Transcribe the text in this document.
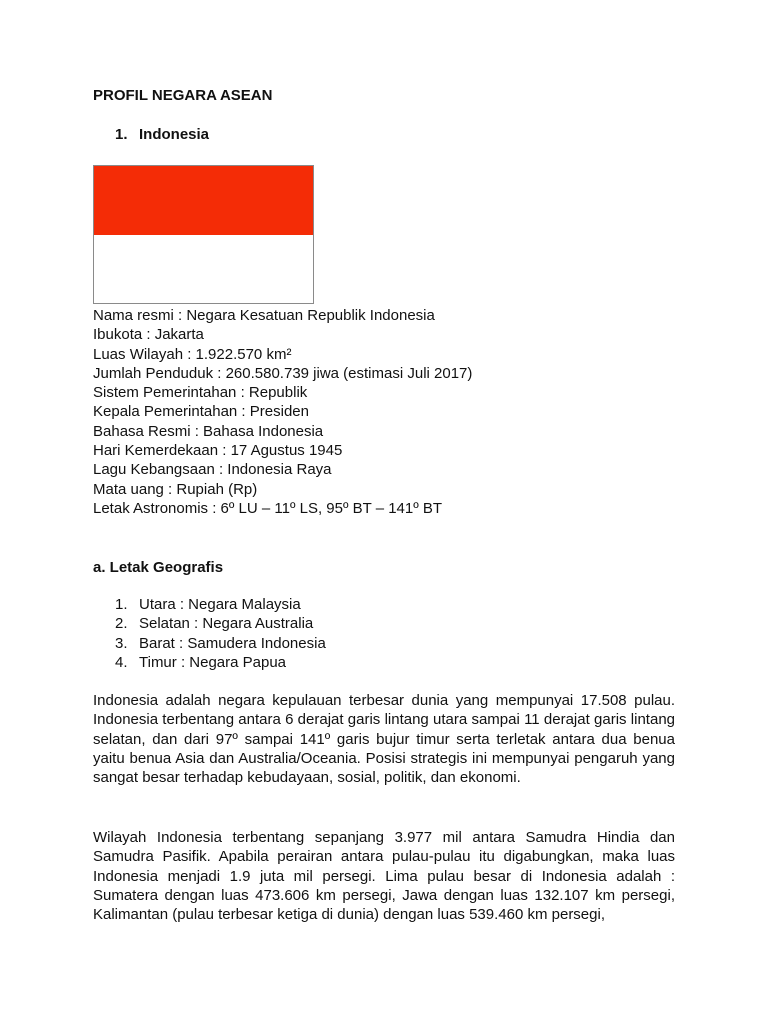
PROFIL NEGARA ASEAN
1. Indonesia
Nama resmi : Negara Kesatuan Republik Indonesia
Ibukota : Jakarta
Luas Wilayah : 1.922.570 km²
Jumlah Penduduk : 260.580.739 jiwa (estimasi Juli 2017)
Sistem Pemerintahan : Republik
Kepala Pemerintahan : Presiden
Bahasa Resmi : Bahasa Indonesia
Hari Kemerdekaan : 17 Agustus 1945
Lagu Kebangsaan : Indonesia Raya
Mata uang : Rupiah (Rp)
Letak Astronomis : 6º LU – 11º LS, 95º BT – 141º BT
a. Letak Geografis
1. Utara : Negara Malaysia
2. Selatan : Negara Australia
3. Barat : Samudera Indonesia
4. Timur : Negara Papua

Indonesia adalah negara kepulauan terbesar dunia yang mempunyai 17.508 pulau. Indonesia terbentang antara 6 derajat garis lintang utara sampai 11 derajat garis lintang selatan, dan dari 97º sampai 141º garis bujur timur serta terletak antara dua benua yaitu benua Asia dan Australia/Oceania. Posisi strategis ini mempunyai pengaruh yang sangat besar terhadap kebudayaan, sosial, politik, dan ekonomi.

Wilayah Indonesia terbentang sepanjang 3.977 mil antara Samudra Hindia dan Samudra Pasifik. Apabila perairan antara pulau-pulau itu digabungkan, maka luas Indonesia menjadi 1.9 juta mil persegi. Lima pulau besar di Indonesia adalah : Sumatera dengan luas 473.606 km persegi, Jawa dengan luas 132.107 km persegi, Kalimantan (pulau terbesar ketiga di dunia) dengan luas 539.460 km persegi,
